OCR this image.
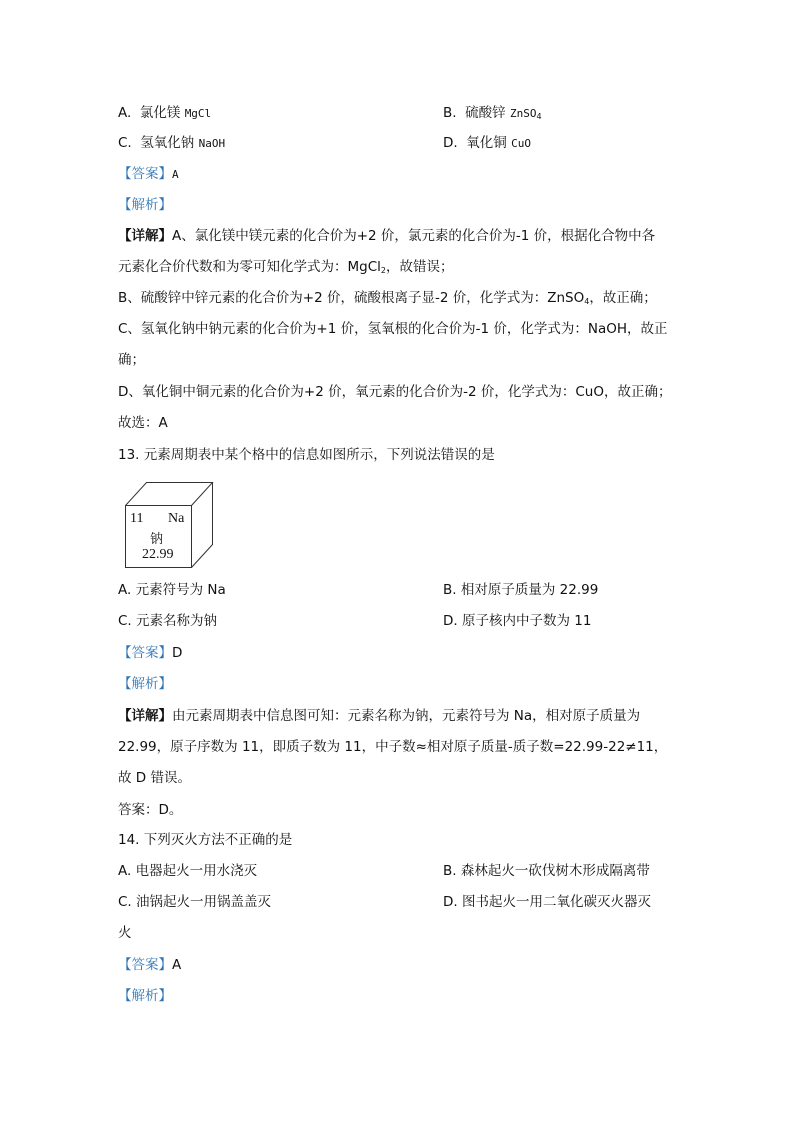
A. 氯化镁 MgCl	B. 硫酸锌 ZnSO$_4$
C. 氢氧化钠 NaOH	D. 氧化铜 CuO
【答案】A
【解析】
【详解】A、氯化镁中镁元素的化合价为+2 价，氯元素的化合价为-1 价，根据化合物中各
元素化合价代数和为零可知化学式为：MgCl$_2$，故错误；
B、硫酸锌中锌元素的化合价为+2 价，硫酸根离子显-2 价，化学式为：ZnSO$_4$，故正确；
C、氢氧化钠中钠元素的化合价为+1 价，氢氧根的化合价为-1 价，化学式为：NaOH，故正
确；
D、氧化铜中铜元素的化合价为+2 价，氧元素的化合价为-2 价，化学式为：CuO，故正确；
故选：A
13. 元素周期表中某个格中的信息如图所示，下列说法错误的是
11 Na
钠
22.99
A. 元素符号为 Na	B. 相对原子质量为 22.99
C. 元素名称为钠	D. 原子核内中子数为 11
【答案】D
【解析】
【详解】由元素周期表中信息图可知：元素名称为钠，元素符号为 Na，相对原子质量为
22.99，原子序数为 11，即质子数为 11，中子数≈相对原子质量-质子数=22.99-22≠11，
故 D 错误。
答案：D。
14. 下列灭火方法不正确的是
A. 电器起火一用水浇灭	B. 森林起火一砍伐树木形成隔离带
C. 油锅起火一用锅盖盖灭	D. 图书起火一用二氧化碳灭火器灭
火
【答案】A
【解析】
